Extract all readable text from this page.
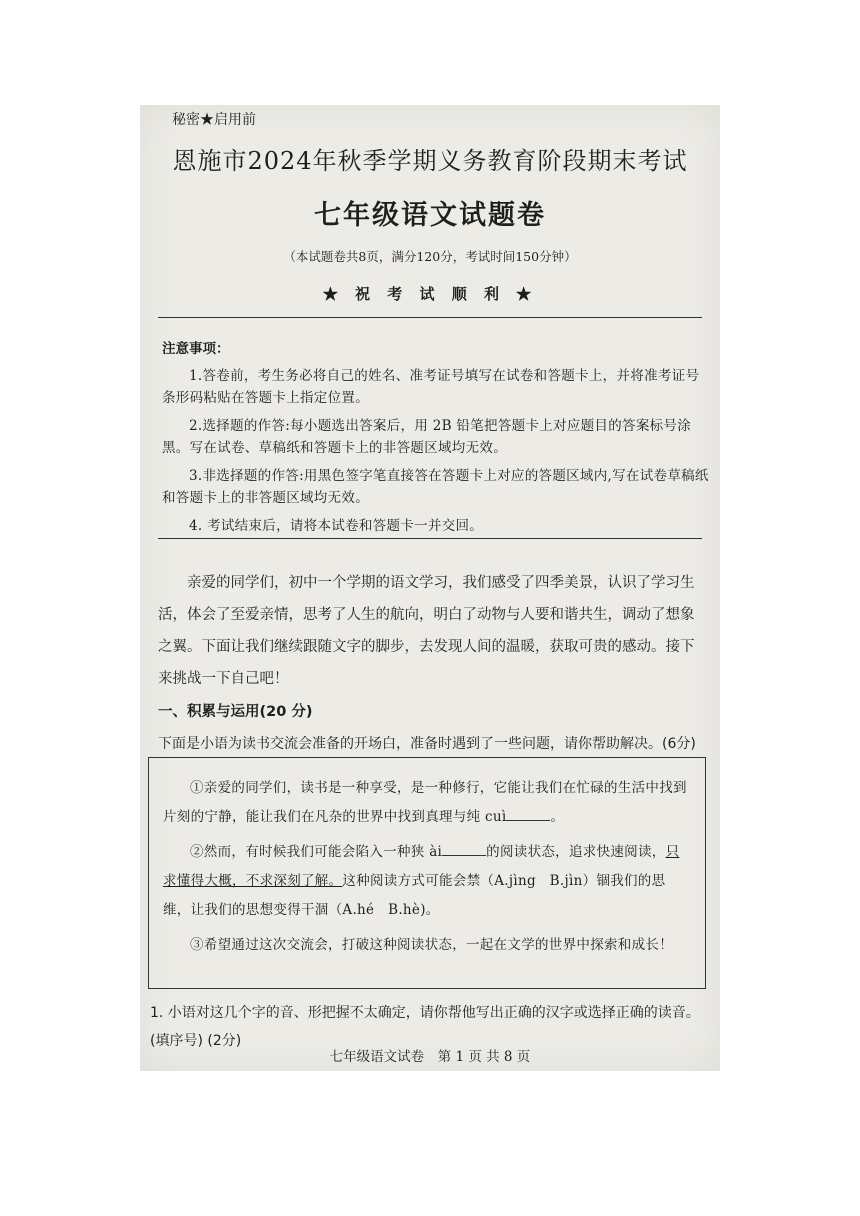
秘密★启用前
恩施市2024年秋季学期义务教育阶段期末考试
七年级语文试题卷
（本试题卷共8页，满分120分，考试时间150分钟）
★ 祝 考 试 顺 利 ★
注意事项：

1.答卷前，考生务必将自己的姓名、准考证号填写在试卷和答题卡上，并将准考证号条形码粘贴在答题卡上指定位置。

2.选择题的作答:每小题选出答案后，用 2B 铅笔把答题卡上对应题目的答案标号涂黑。写在试卷、草稿纸和答题卡上的非答题区域均无效。

3.非选择题的作答:用黑色签字笔直接答在答题卡上对应的答题区域内,写在试卷草稿纸和答题卡上的非答题区域均无效。

4. 考试结束后，请将本试卷和答题卡一并交回。

亲爱的同学们，初中一个学期的语文学习，我们感受了四季美景，认识了学习生活，体会了至爱亲情，思考了人生的航向，明白了动物与人要和谐共生，调动了想象之翼。下面让我们继续跟随文字的脚步，去发现人间的温暖，获取可贵的感动。接下来挑战一下自己吧！

一、积累与运用(20 分)
下面是小语为读书交流会准备的开场白，准备时遇到了一些问题，请你帮助解决。(6分)

①亲爱的同学们，读书是一种享受，是一种修行，它能让我们在忙碌的生活中找到片刻的宁静，能让我们在凡杂的世界中找到真理与纯 cuì	。

②然而，有时候我们可能会陷入一种狭 ài	的阅读状态，追求快速阅读，只求懂得大概，不求深刻了解。这种阅读方式可能会禁（A.jìng　B.jìn）锢我们的思维，让我们的思想变得干涸（A.hé　B.hè)。

③希望通过这次交流会，打破这种阅读状态，一起在文学的世界中探索和成长！

1. 小语对这几个字的音、形把握不太确定，请你帮他写出正确的汉字或选择正确的读音。(填序号) (2分)
七年级语文试卷　第 1 页 共 8 页
